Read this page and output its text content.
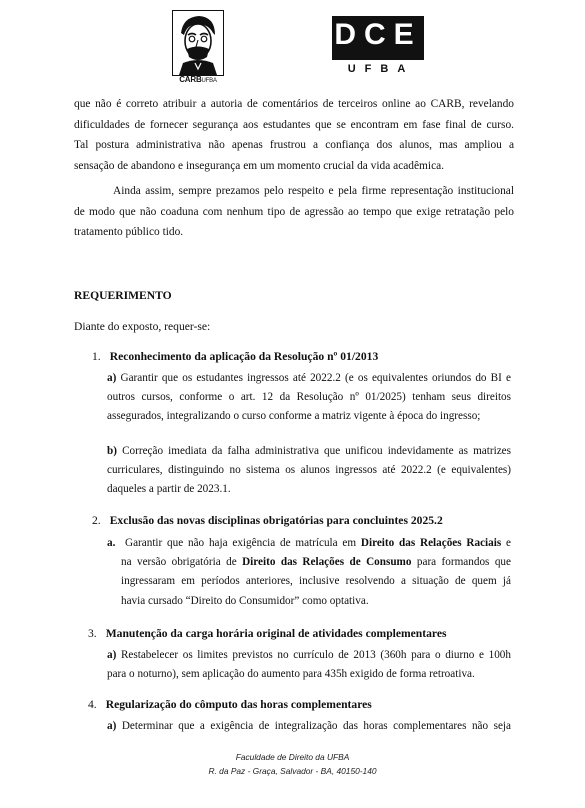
CARBUFBA
DCE
UFBA
que não é correto atribuir a autoria de comentários de terceiros online ao CARB, revelando
dificuldades de fornecer segurança aos estudantes que se encontram em fase final de curso.
Tal postura administrativa não apenas frustrou a confiança dos alunos, mas ampliou a
sensação de abandono e insegurança em um momento crucial da vida acadêmica.
Ainda assim, sempre prezamos pelo respeito e pela firme representação institucional
de modo que não coaduna com nenhum tipo de agressão ao tempo que exige retratação pelo
tratamento público tido.
REQUERIMENTO
Diante do exposto, requer-se:
1. Reconhecimento da aplicação da Resolução nº 01/2013
a) Garantir que os estudantes ingressos até 2022.2 (e os equivalentes oriundos do BI e
outros cursos, conforme o art. 12 da Resolução nº 01/2025) tenham seus direitos
assegurados, integralizando o curso conforme a matriz vigente à época do ingresso;
b) Correção imediata da falha administrativa que unificou indevidamente as matrizes
curriculares, distinguindo no sistema os alunos ingressos até 2022.2 (e equivalentes)
daqueles a partir de 2023.1.
2. Exclusão das novas disciplinas obrigatórias para concluintes 2025.2
a. Garantir que não haja exigência de matrícula em Direito das Relações Raciais e
na versão obrigatória de Direito das Relações de Consumo para formandos que
ingressaram em períodos anteriores, inclusive resolvendo a situação de quem já
havia cursado “Direito do Consumidor” como optativa.
3. Manutenção da carga horária original de atividades complementares
a) Restabelecer os limites previstos no currículo de 2013 (360h para o diurno e 100h
para o noturno), sem aplicação do aumento para 435h exigido de forma retroativa.
4. Regularização do cômputo das horas complementares
a) Determinar que a exigência de integralização das horas complementares não seja
Faculdade de Direito da UFBA
R. da Paz - Graça, Salvador - BA, 40150-140
